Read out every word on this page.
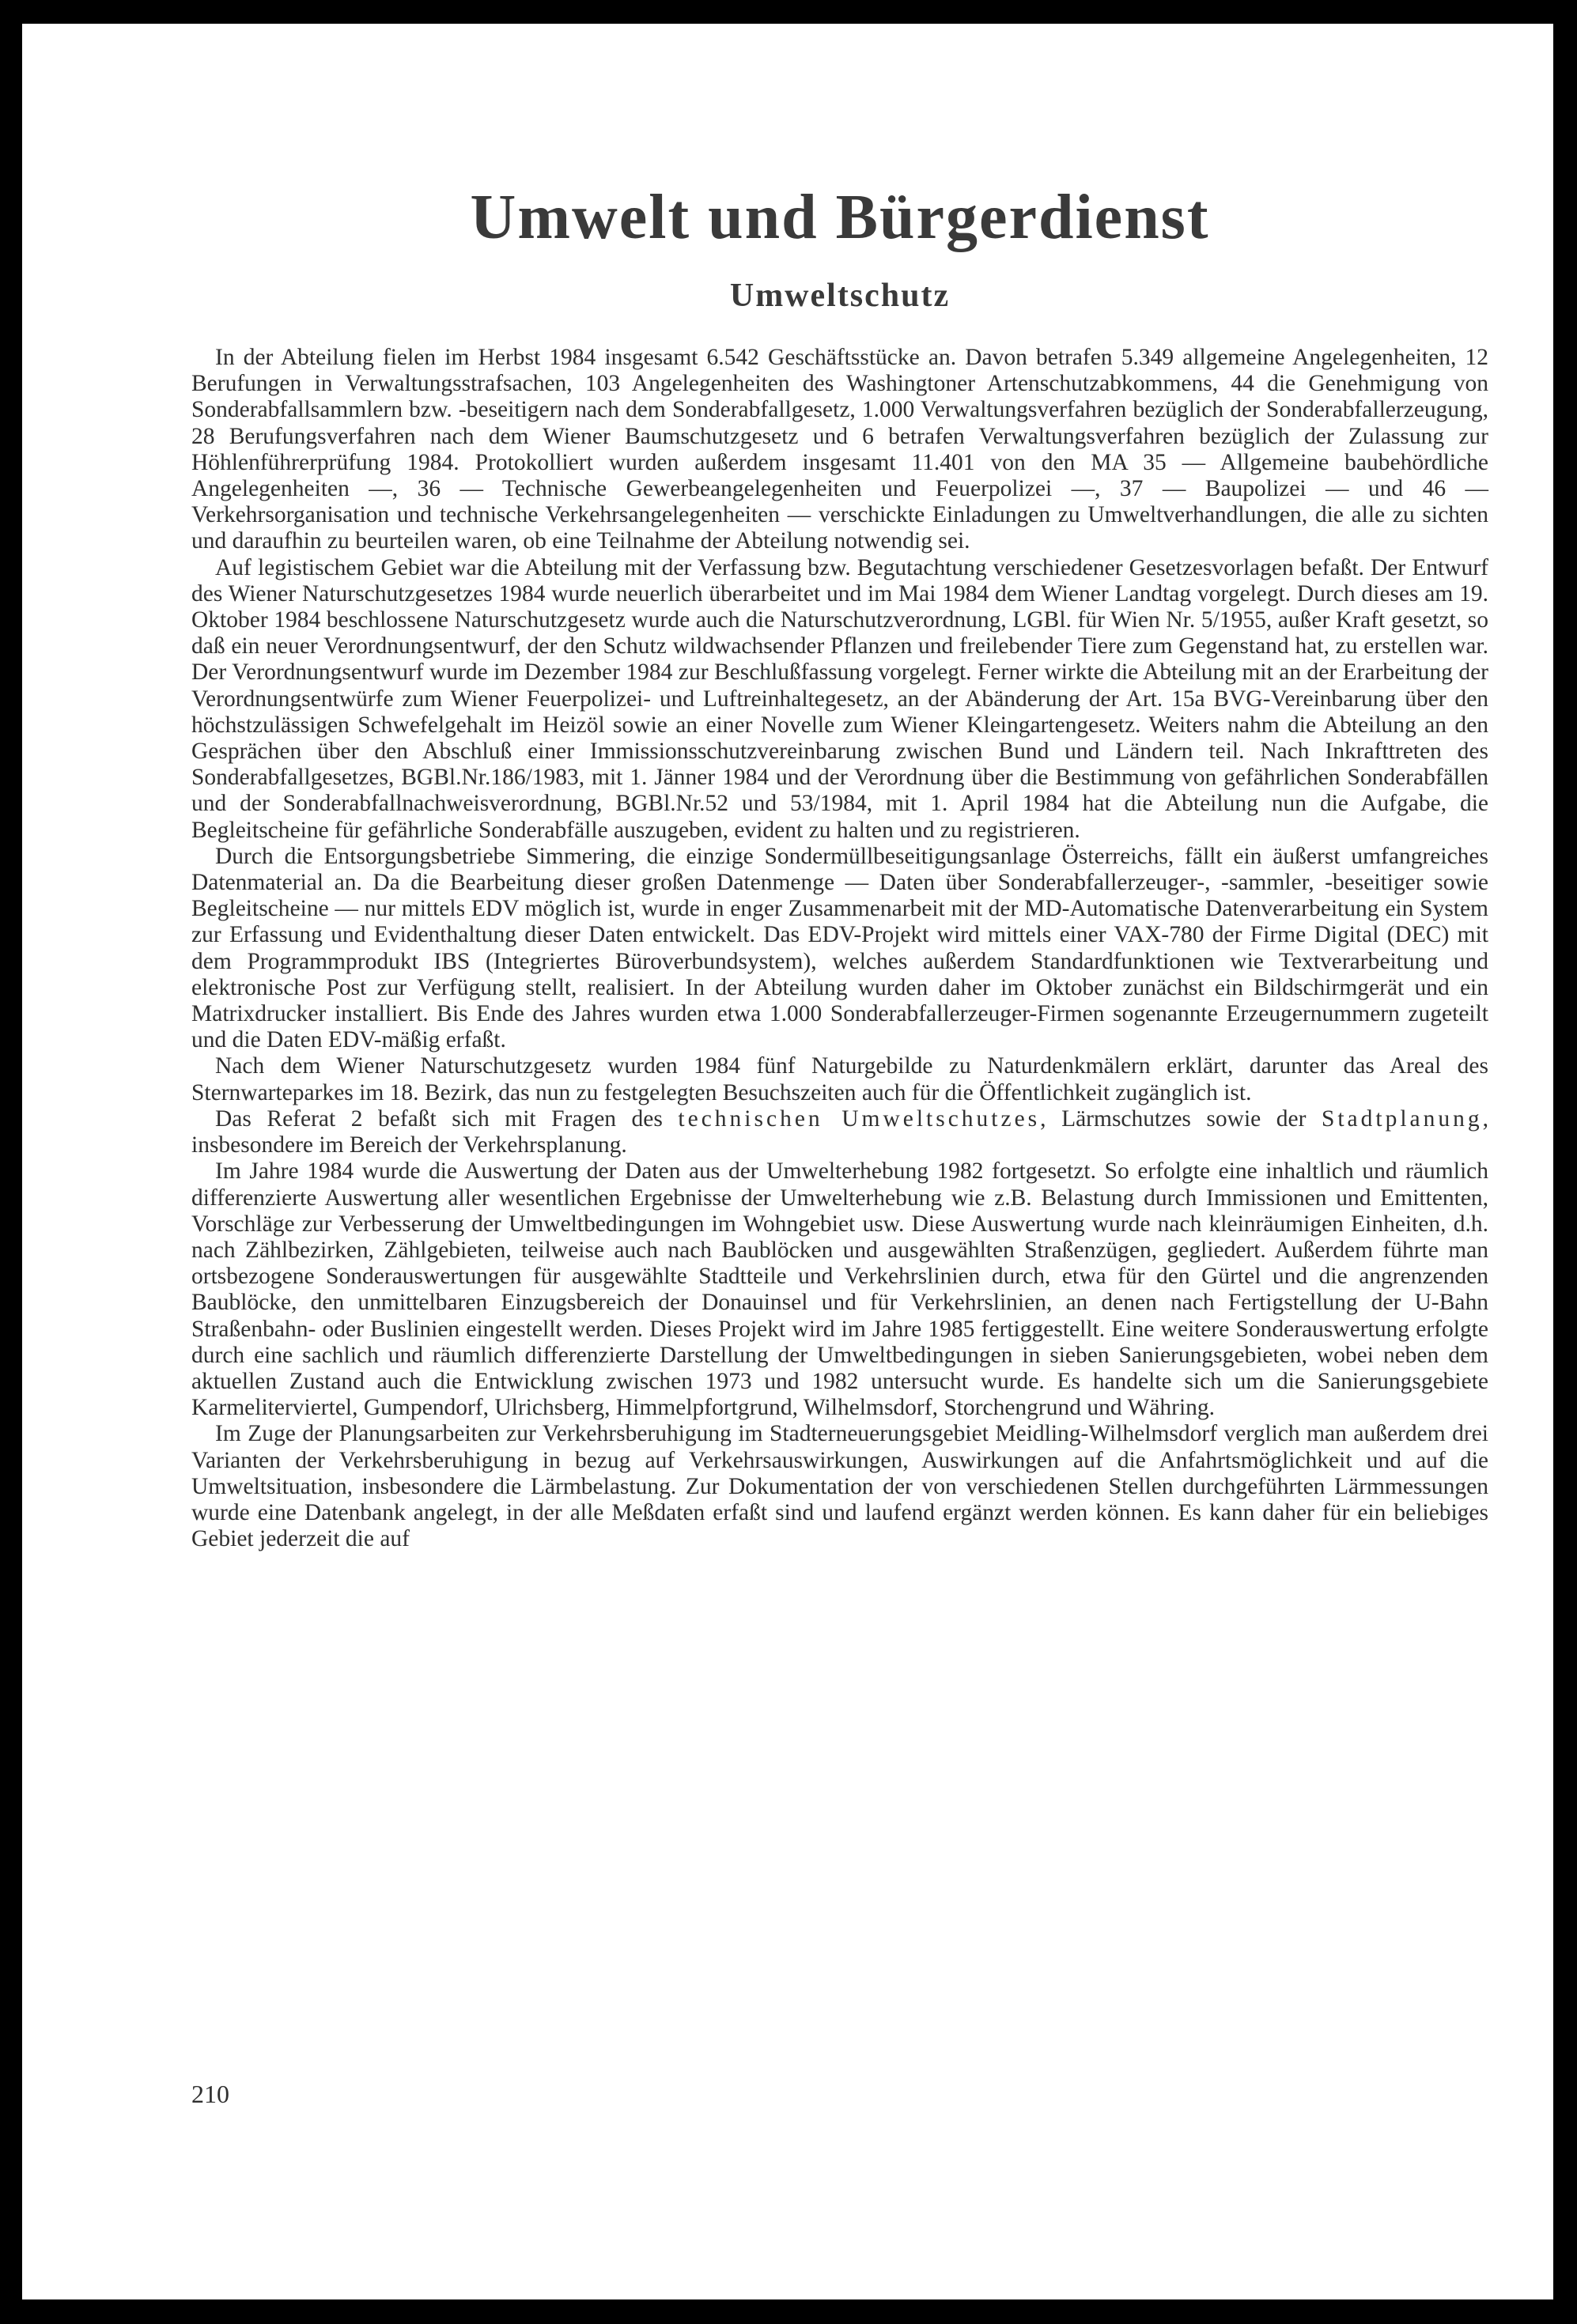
Umwelt und Bürgerdienst
Umweltschutz

In der Abteilung fielen im Herbst 1984 insgesamt 6.542 Geschäftsstücke an. Davon betrafen 5.349 allgemeine Angelegenheiten, 12 Berufungen in Verwaltungsstrafsachen, 103 Angelegenheiten des Washingtoner Artenschutzabkommens, 44 die Genehmigung von Sonderabfallsammlern bzw. -beseitigern nach dem Sonderabfallgesetz, 1.000 Verwaltungsverfahren bezüglich der Sonderabfallerzeugung, 28 Berufungsverfahren nach dem Wiener Baumschutzgesetz und 6 betrafen Verwaltungsverfahren bezüglich der Zulassung zur Höhlenführerprüfung 1984. Protokolliert wurden außerdem insgesamt 11.401 von den MA 35 — Allgemeine baubehördliche Angelegenheiten —, 36 — Technische Gewerbeangelegenheiten und Feuerpolizei —, 37 — Baupolizei — und 46 — Verkehrsorganisation und technische Verkehrsangelegenheiten — verschickte Einladungen zu Umweltverhandlungen, die alle zu sichten und daraufhin zu beurteilen waren, ob eine Teilnahme der Abteilung notwendig sei.

Auf legistischem Gebiet war die Abteilung mit der Verfassung bzw. Begutachtung verschiedener Gesetzesvorlagen befaßt. Der Entwurf des Wiener Naturschutzgesetzes 1984 wurde neuerlich überarbeitet und im Mai 1984 dem Wiener Landtag vorgelegt. Durch dieses am 19. Oktober 1984 beschlossene Naturschutzgesetz wurde auch die Naturschutzverordnung, LGBl. für Wien Nr. 5/1955, außer Kraft gesetzt, so daß ein neuer Verordnungsentwurf, der den Schutz wildwachsender Pflanzen und freilebender Tiere zum Gegenstand hat, zu erstellen war. Der Verordnungsentwurf wurde im Dezember 1984 zur Beschlußfassung vorgelegt. Ferner wirkte die Abteilung mit an der Erarbeitung der Verordnungsentwürfe zum Wiener Feuerpolizei- und Luftreinhaltegesetz, an der Abänderung der Art. 15a BVG-Vereinbarung über den höchstzulässigen Schwefelgehalt im Heizöl sowie an einer Novelle zum Wiener Kleingartengesetz. Weiters nahm die Abteilung an den Gesprächen über den Abschluß einer Immissionsschutzvereinbarung zwischen Bund und Ländern teil. Nach Inkrafttreten des Sonderabfallgesetzes, BGBl.Nr.186/1983, mit 1. Jänner 1984 und der Verordnung über die Bestimmung von gefährlichen Sonderabfällen und der Sonderabfallnachweisverordnung, BGBl.Nr.52 und 53/1984, mit 1. April 1984 hat die Abteilung nun die Aufgabe, die Begleitscheine für gefährliche Sonderabfälle auszugeben, evident zu halten und zu registrieren.

Durch die Entsorgungsbetriebe Simmering, die einzige Sondermüllbeseitigungsanlage Österreichs, fällt ein äußerst umfangreiches Datenmaterial an. Da die Bearbeitung dieser großen Datenmenge — Daten über Sonderabfallerzeuger-, -sammler, -beseitiger sowie Begleitscheine — nur mittels EDV möglich ist, wurde in enger Zusammenarbeit mit der MD-Automatische Datenverarbeitung ein System zur Erfassung und Evidenthaltung dieser Daten entwickelt. Das EDV-Projekt wird mittels einer VAX-780 der Firme Digital (DEC) mit dem Programmprodukt IBS (Integriertes Büroverbundsystem), welches außerdem Standardfunktionen wie Textverarbeitung und elektronische Post zur Verfügung stellt, realisiert. In der Abteilung wurden daher im Oktober zunächst ein Bildschirmgerät und ein Matrixdrucker installiert. Bis Ende des Jahres wurden etwa 1.000 Sonderabfallerzeuger-Firmen sogenannte Erzeugernummern zugeteilt und die Daten EDV-mäßig erfaßt.

Nach dem Wiener Naturschutzgesetz wurden 1984 fünf Naturgebilde zu Naturdenkmälern erklärt, darunter das Areal des Sternwarteparkes im 18. Bezirk, das nun zu festgelegten Besuchszeiten auch für die Öffentlichkeit zugänglich ist.

Das Referat 2 befaßt sich mit Fragen des technischen Umweltschutzes, Lärmschutzes sowie der Stadtplanung, insbesondere im Bereich der Verkehrsplanung.

Im Jahre 1984 wurde die Auswertung der Daten aus der Umwelterhebung 1982 fortgesetzt. So erfolgte eine inhaltlich und räumlich differenzierte Auswertung aller wesentlichen Ergebnisse der Umwelterhebung wie z.B. Belastung durch Immissionen und Emittenten, Vorschläge zur Verbesserung der Umweltbedingungen im Wohngebiet usw. Diese Auswertung wurde nach kleinräumigen Einheiten, d.h. nach Zählbezirken, Zählgebieten, teilweise auch nach Baublöcken und ausgewählten Straßenzügen, gegliedert. Außerdem führte man ortsbezogene Sonderauswertungen für ausgewählte Stadtteile und Verkehrslinien durch, etwa für den Gürtel und die angrenzenden Baublöcke, den unmittelbaren Einzugsbereich der Donauinsel und für Verkehrslinien, an denen nach Fertigstellung der U-Bahn Straßenbahn- oder Buslinien eingestellt werden. Dieses Projekt wird im Jahre 1985 fertiggestellt. Eine weitere Sonderauswertung erfolgte durch eine sachlich und räumlich differenzierte Darstellung der Umweltbedingungen in sieben Sanierungsgebieten, wobei neben dem aktuellen Zustand auch die Entwicklung zwischen 1973 und 1982 untersucht wurde. Es handelte sich um die Sanierungsgebiete Karmeliterviertel, Gumpendorf, Ulrichsberg, Himmelpfortgrund, Wilhelmsdorf, Storchengrund und Währing.

Im Zuge der Planungsarbeiten zur Verkehrsberuhigung im Stadterneuerungsgebiet Meidling-Wilhelmsdorf verglich man außerdem drei Varianten der Verkehrsberuhigung in bezug auf Verkehrsauswirkungen, Auswirkungen auf die Anfahrtsmöglichkeit und auf die Umweltsituation, insbesondere die Lärmbelastung. Zur Dokumentation der von verschiedenen Stellen durchgeführten Lärmmessungen wurde eine Datenbank angelegt, in der alle Meßdaten erfaßt sind und laufend ergänzt werden können. Es kann daher für ein beliebiges Gebiet jederzeit die auf

210
